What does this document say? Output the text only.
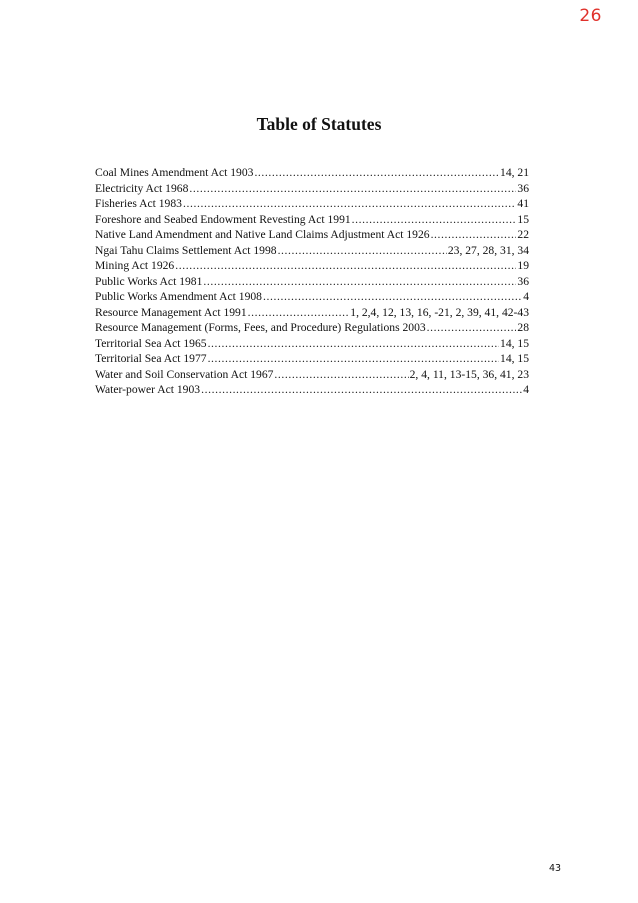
26
Table of Statutes
Coal Mines Amendment Act 1903 .....	14, 21
Electricity Act 1968 .....	36
Fisheries Act 1983 .....	41
Foreshore and Seabed Endowment Revesting Act 1991 .....	15
Native Land Amendment and Native Land Claims Adjustment Act 1926 .....	22
Ngai Tahu Claims Settlement Act 1998 .....	23, 27, 28, 31, 34
Mining Act 1926 .....	19
Public Works Act 1981 .....	36
Public Works Amendment Act 1908 .....	4
Resource Management Act 1991 .....	1, 2,4, 12, 13, 16, -21, 2, 39, 41, 42-43
Resource Management (Forms, Fees, and Procedure) Regulations 2003 .....	28
Territorial Sea Act 1965 .....	14, 15
Territorial Sea Act 1977 .....	14, 15
Water and Soil Conservation Act 1967 .....	2, 4, 11, 13-15, 36, 41, 23
Water-power Act 1903 .....	4
43
